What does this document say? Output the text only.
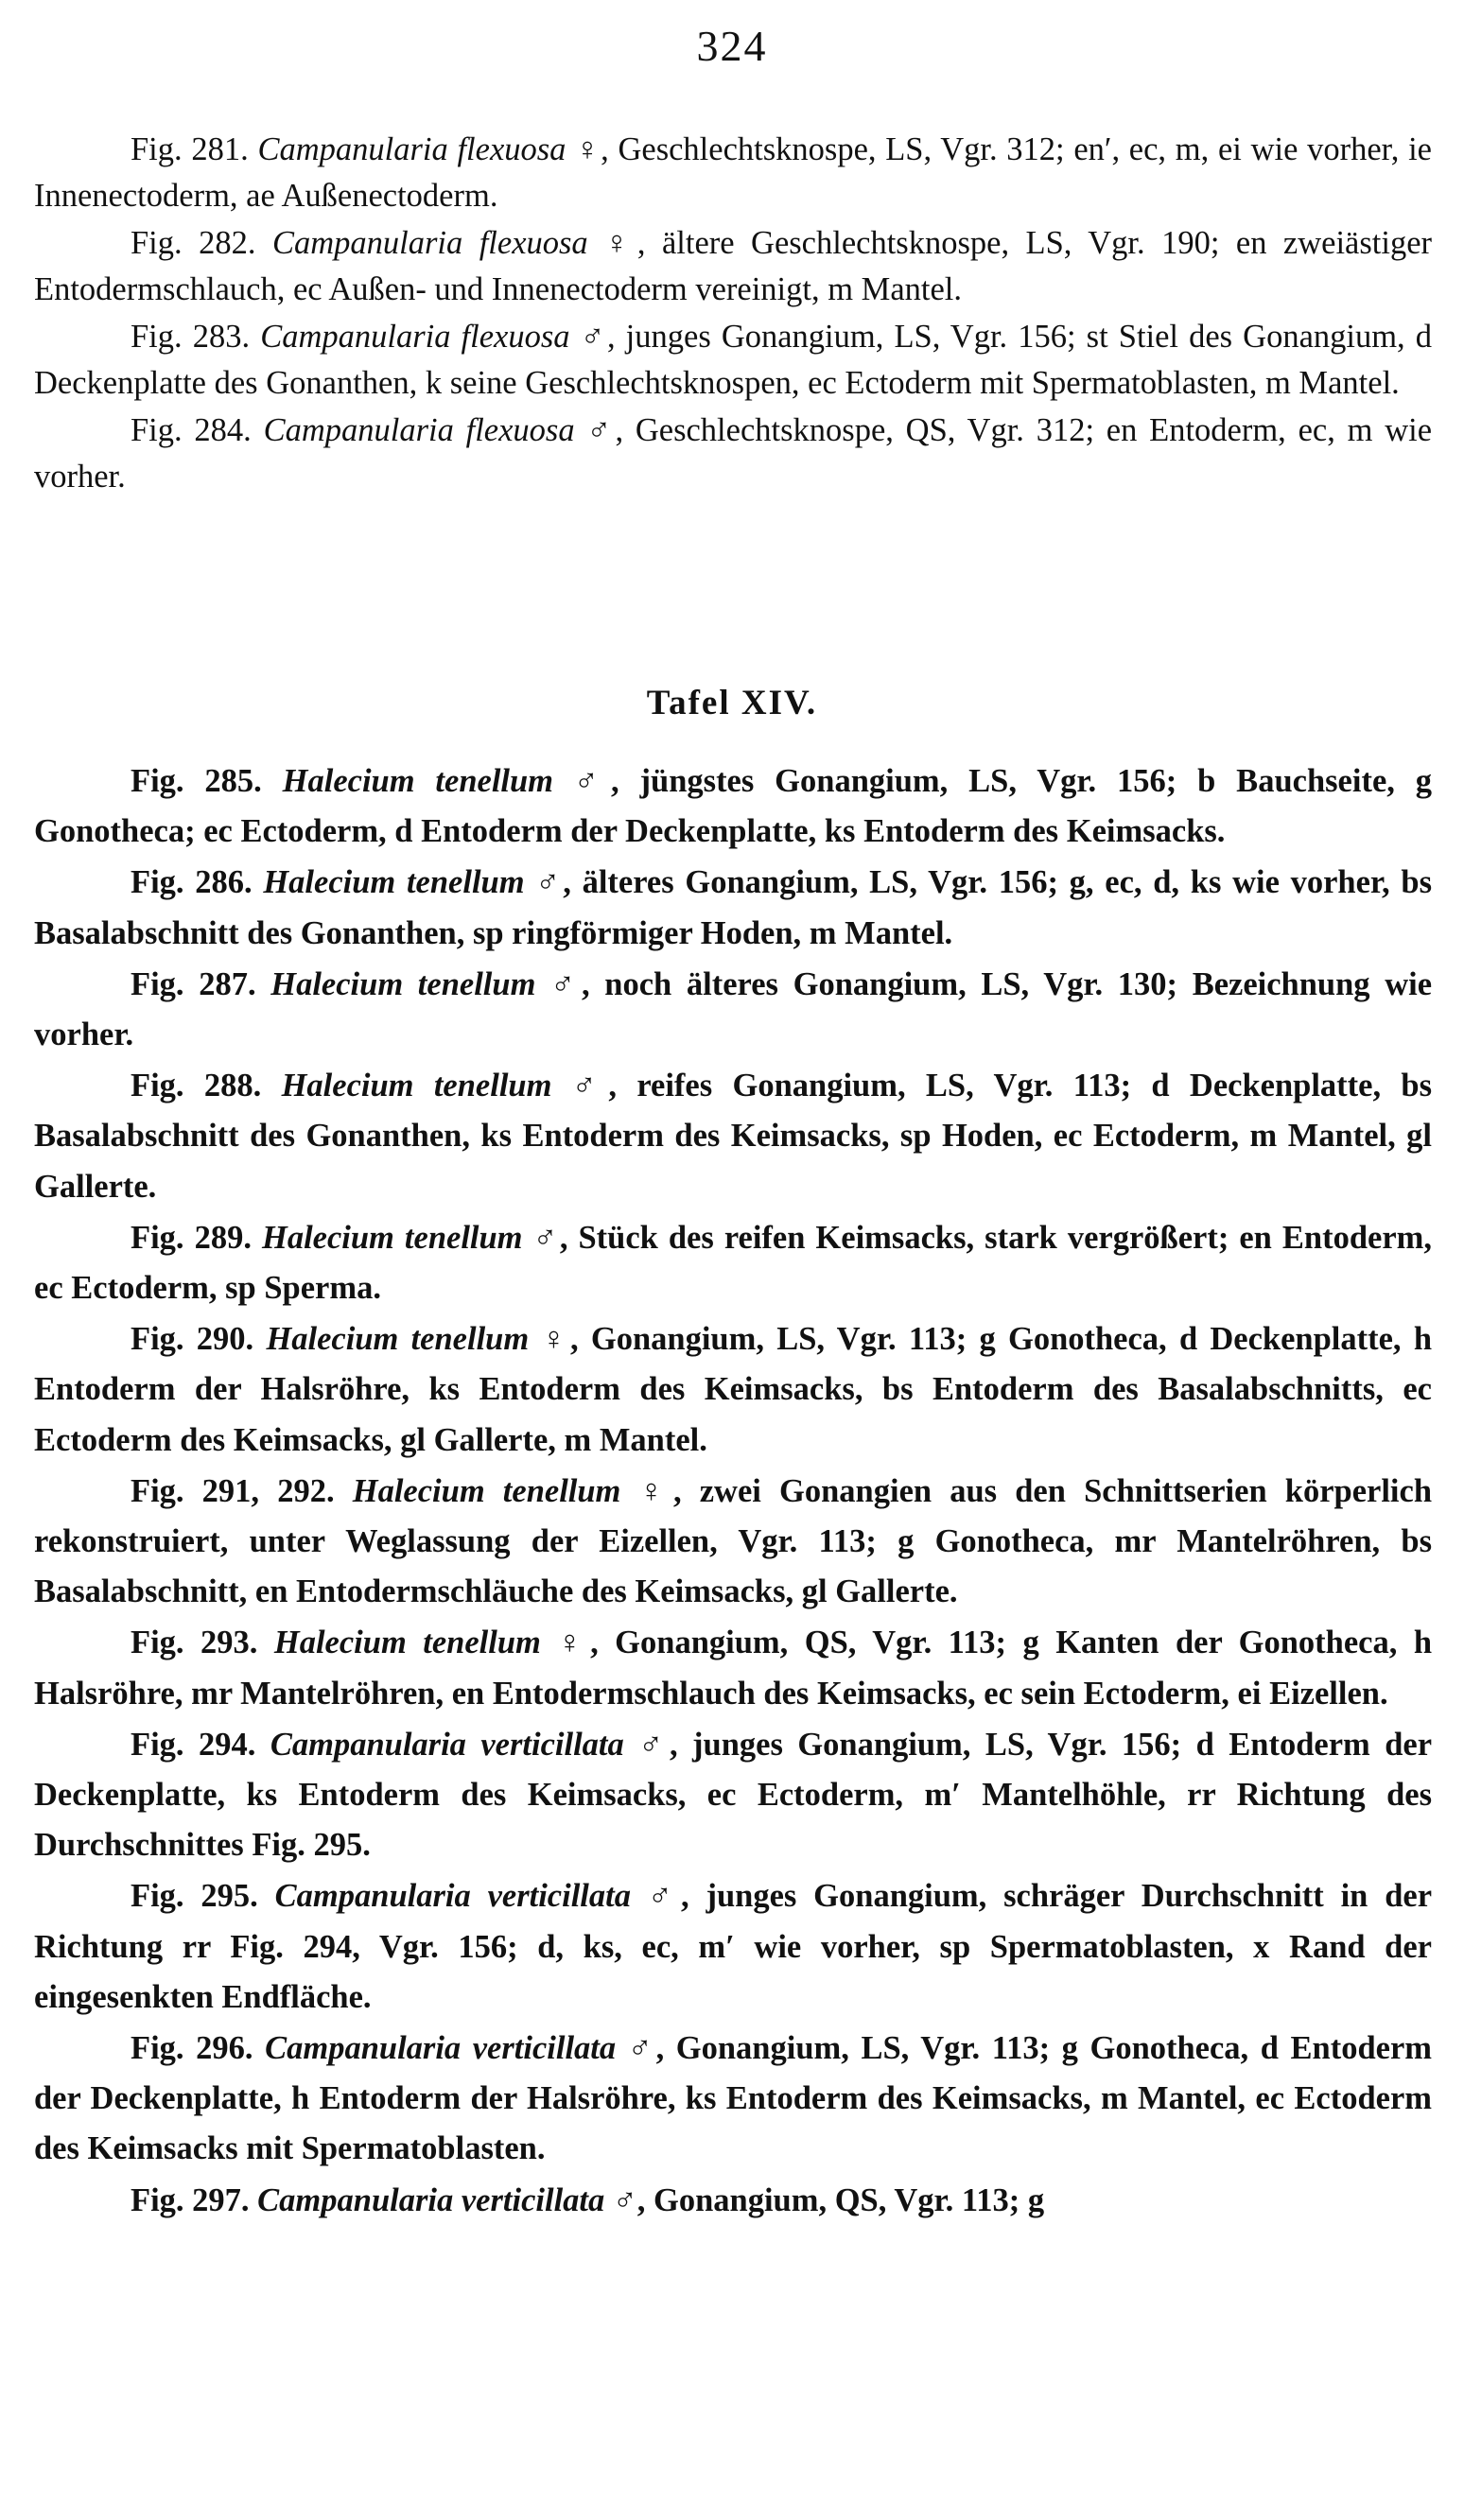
324

Fig. 281. Campanularia flexuosa ♀, Geschlechtsknospe, LS, Vgr. 312; en′, ec, m, ei wie vorher, ie Innenectoderm, ae Außenectoderm.

Fig. 282. Campanularia flexuosa ♀, ältere Geschlechtsknospe, LS, Vgr. 190; en zweiästiger Entodermschlauch, ec Außen- und Innenectoderm vereinigt, m Mantel.

Fig. 283. Campanularia flexuosa ♂, junges Gonangium, LS, Vgr. 156; st Stiel des Gonangium, d Deckenplatte des Gonanthen, k seine Geschlechtsknospen, ec Ectoderm mit Spermatoblasten, m Mantel.

Fig. 284. Campanularia flexuosa ♂, Geschlechtsknospe, QS, Vgr. 312; en Entoderm, ec, m wie vorher.

Tafel XIV.

Fig. 285. Halecium tenellum ♂, jüngstes Gonangium, LS, Vgr. 156; b Bauchseite, g Gonotheca; ec Ectoderm, d Entoderm der Deckenplatte, ks Entoderm des Keimsacks.

Fig. 286. Halecium tenellum ♂, älteres Gonangium, LS, Vgr. 156; g, ec, d, ks wie vorher, bs Basalabschnitt des Gonanthen, sp ringförmiger Hoden, m Mantel.

Fig. 287. Halecium tenellum ♂, noch älteres Gonangium, LS, Vgr. 130; Bezeichnung wie vorher.

Fig. 288. Halecium tenellum ♂, reifes Gonangium, LS, Vgr. 113; d Deckenplatte, bs Basalabschnitt des Gonanthen, ks Entoderm des Keimsacks, sp Hoden, ec Ectoderm, m Mantel, gl Gallerte.

Fig. 289. Halecium tenellum ♂, Stück des reifen Keimsacks, stark vergrößert; en Entoderm, ec Ectoderm, sp Sperma.

Fig. 290. Halecium tenellum ♀, Gonangium, LS, Vgr. 113; g Gonotheca, d Deckenplatte, h Entoderm der Halsröhre, ks Entoderm des Keimsacks, bs Entoderm des Basalabschnitts, ec Ectoderm des Keimsacks, gl Gallerte, m Mantel.

Fig. 291, 292. Halecium tenellum ♀, zwei Gonangien aus den Schnittserien körperlich rekonstruiert, unter Weglassung der Eizellen, Vgr. 113; g Gonotheca, mr Mantelröhren, bs Basalabschnitt, en Entodermschläuche des Keimsacks, gl Gallerte.

Fig. 293. Halecium tenellum ♀, Gonangium, QS, Vgr. 113; g Kanten der Gonotheca, h Halsröhre, mr Mantelröhren, en Entodermschlauch des Keimsacks, ec sein Ectoderm, ei Eizellen.

Fig. 294. Campanularia verticillata ♂, junges Gonangium, LS, Vgr. 156; d Entoderm der Deckenplatte, ks Entoderm des Keimsacks, ec Ectoderm, m′ Mantelhöhle, rr Richtung des Durchschnittes Fig. 295.

Fig. 295. Campanularia verticillata ♂, junges Gonangium, schräger Durchschnitt in der Richtung rr Fig. 294, Vgr. 156; d, ks, ec, m′ wie vorher, sp Spermatoblasten, x Rand der eingesenkten Endfläche.

Fig. 296. Campanularia verticillata ♂, Gonangium, LS, Vgr. 113; g Gonotheca, d Entoderm der Deckenplatte, h Entoderm der Halsröhre, ks Entoderm des Keimsacks, m Mantel, ec Ectoderm des Keimsacks mit Spermatoblasten.

Fig. 297. Campanularia verticillata ♂, Gonangium, QS, Vgr. 113; g
